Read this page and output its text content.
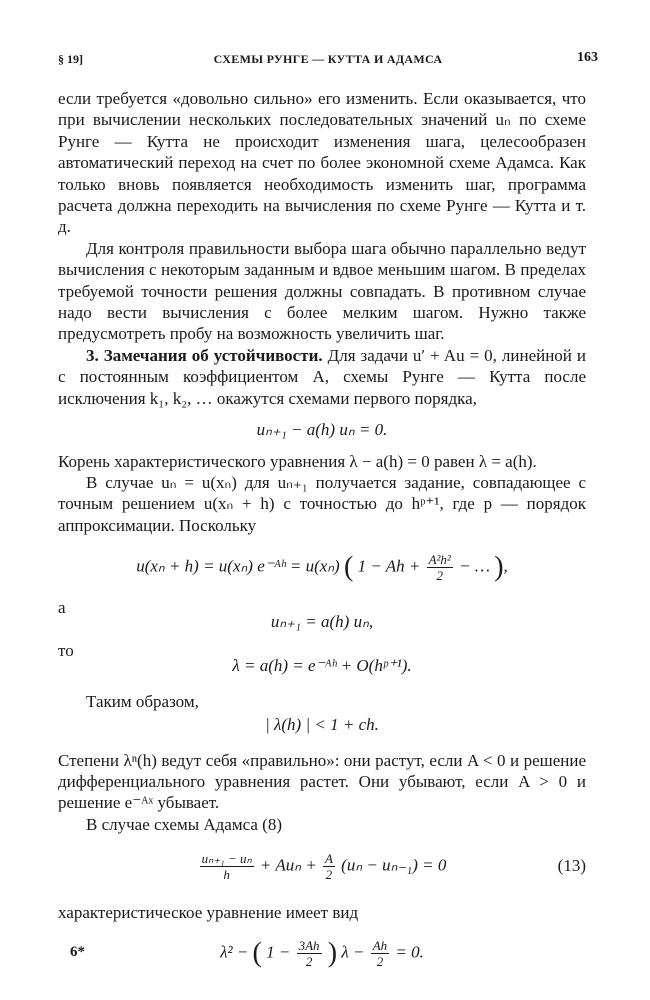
§ 19]	СХЕМЫ РУНГЕ — КУТТА И АДАМСА	163

если требуется «довольно сильно» его изменить. Если оказывается, что при вычислении нескольких последовательных значений uₙ по схеме Рунге — Кутта не происходит изменения шага, целесообразен автоматический переход на счет по более экономной схеме Адамса. Как только вновь появляется необходимость изменить шаг, программа расчета должна переходить на вычисления по схеме Рунге — Кутта и т. д.

Для контроля правильности выбора шага обычно параллельно ведут вычисления с некоторым заданным и вдвое меньшим шагом. В пределах требуемой точности решения должны совпадать. В противном случае надо вести вычисления с более мелким шагом. Нужно также предусмотреть пробу на возможность увеличить шаг.

3. Замечания об устойчивости. Для задачи u′ + Au = 0, линейной и с постоянным коэффициентом A, схемы Рунге — Кутта после исключения k₁, k₂, … окажутся схемами первого порядка,

uₙ₊₁ − a(h) uₙ = 0.

Корень характеристического уравнения λ − a(h) = 0 равен λ = a(h).

В случае uₙ = u(xₙ) для uₙ₊₁ получается задание, совпадающее с точным решением u(xₙ + h) с точностью до hᵖ⁺¹, где p — порядок аппроксимации. Поскольку

u(xₙ + h) = u(xₙ) e⁻ᴬʰ = u(xₙ) ( $1 - Ah + \frac{\text{A²h²}}{2}$ − … ),

а

uₙ₊₁ = a(h) uₙ,

то

λ = a(h) = e⁻ᴬʰ + O(hᵖ⁺¹).

Таким образом,

| λ(h) | < 1 + ch.

Степени λⁿ(h) ведут себя «правильно»: они растут, если A < 0 и решение дифференциального уравнения растет. Они убывают, если A > 0 и решение e⁻ᴬˣ убывает.

В случае схемы Адамса (8)

$\frac{\text{uₙ₊₁ − uₙ}}{h} + Au_n + \frac{A}{2} (u_n - u_{n-1}) = 0$	(13)

характеристическое уравнение имеет вид

λ² − ( $1 - \frac{3Ah}{2}$ ) $\lambda - \frac{Ah}{2} = 0$.
6*
